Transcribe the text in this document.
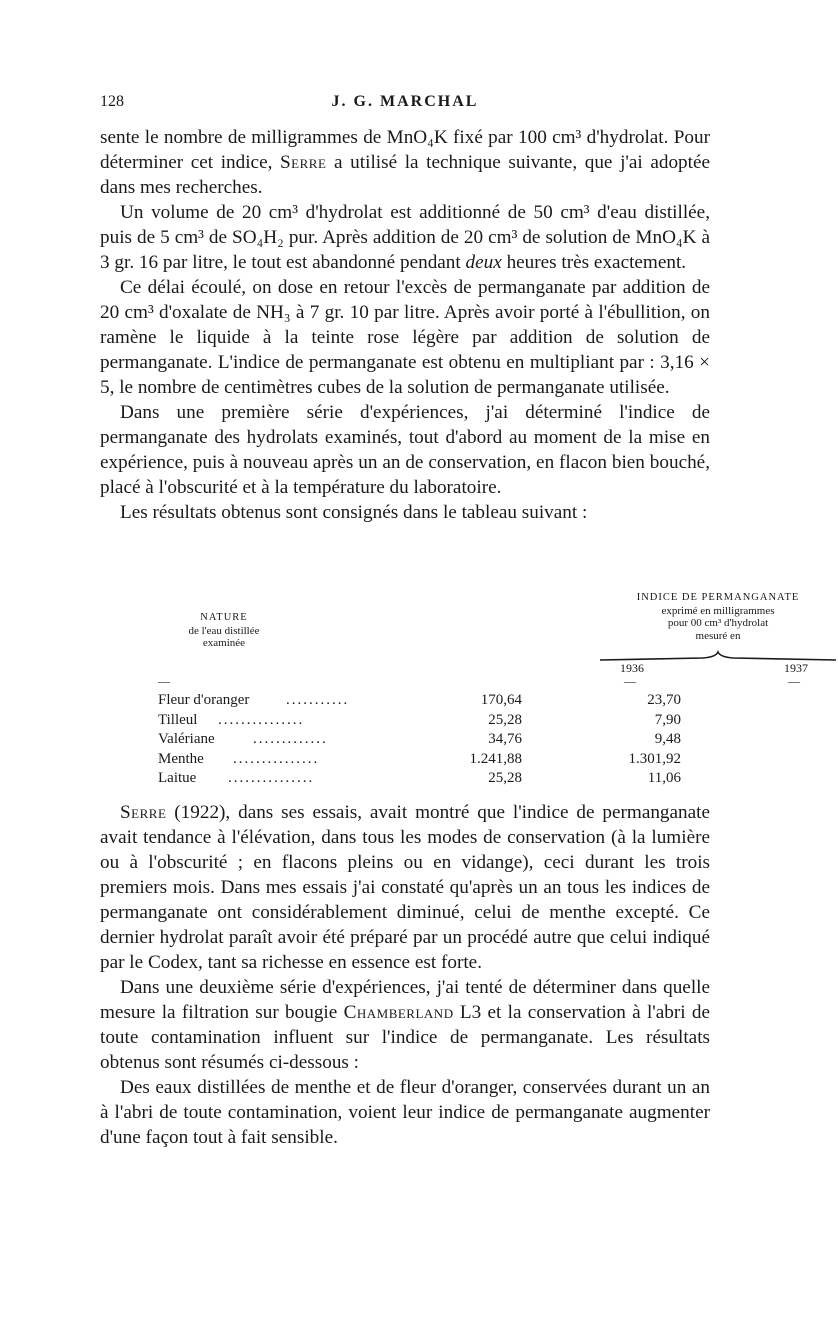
128	J. G. MARCHAL

sente le nombre de milligrammes de MnO₄K fixé par 100 cm³ d'hydrolat. Pour déterminer cet indice, Serre a utilisé la technique suivante, que j'ai adoptée dans mes recherches.

Un volume de 20 cm³ d'hydrolat est additionné de 50 cm³ d'eau distillée, puis de 5 cm³ de SO₄H₂ pur. Après addition de 20 cm³ de solution de MnO₄K à 3 gr. 16 par litre, le tout est abandonné pendant deux heures très exactement.

Ce délai écoulé, on dose en retour l'excès de permanganate par addition de 20 cm³ d'oxalate de NH₃ à 7 gr. 10 par litre. Après avoir porté à l'ébullition, on ramène le liquide à la teinte rose légère par addition de solution de permanganate. L'indice de permanganate est obtenu en multipliant par : 3,16 × 5, le nombre de centimètres cubes de la solution de permanganate utilisée.

Dans une première série d'expériences, j'ai déterminé l'indice de permanganate des hydrolats examinés, tout d'abord au moment de la mise en expérience, puis à nouveau après un an de conservation, en flacon bien bouché, placé à l'obscurité et à la température du laboratoire.

Les résultats obtenus sont consignés dans le tableau suivant :

INDICE DE PERMANGANATE
exprimé en milligrammes
pour 00 cm³ d'hydrolat
mesuré en
NATURE
de l'eau distillée
examinée
1936	1937
—	—	—
Fleur d'oranger ...........	170,64	23,70
Tilleul ...............	25,28	7,90
Valériane	.............	34,76	9,48
Menthe ...............	1.241,88	1.301,92
Laitue ...............	25,28	11,06

Serre (1922), dans ses essais, avait montré que l'indice de permanganate avait tendance à l'élévation, dans tous les modes de conservation (à la lumière ou à l'obscurité ; en flacons pleins ou en vidange), ceci durant les trois premiers mois. Dans mes essais j'ai constaté qu'après un an tous les indices de permanganate ont considérablement diminué, celui de menthe excepté. Ce dernier hydrolat paraît avoir été préparé par un procédé autre que celui indiqué par le Codex, tant sa richesse en essence est forte.

Dans une deuxième série d'expériences, j'ai tenté de déterminer dans quelle mesure la filtration sur bougie Chamberland L3 et la conservation à l'abri de toute contamination influent sur l'indice de permanganate. Les résultats obtenus sont résumés ci-dessous :

Des eaux distillées de menthe et de fleur d'oranger, conservées durant un an à l'abri de toute contamination, voient leur indice de permanganate augmenter d'une façon tout à fait sensible.
